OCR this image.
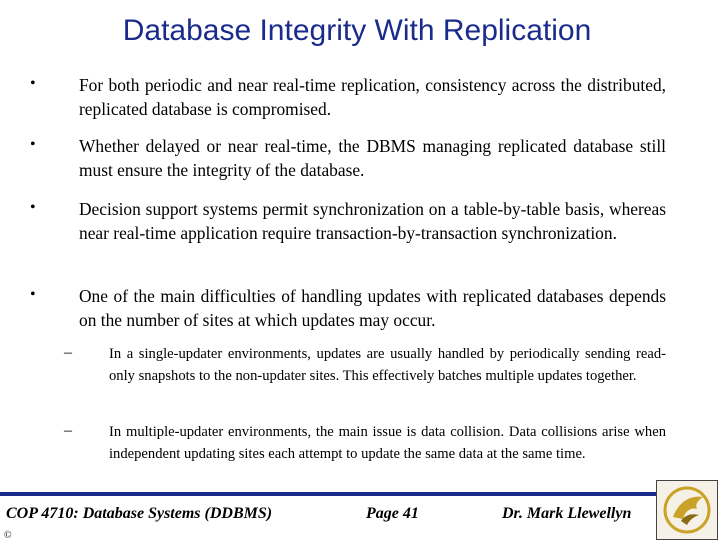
Database Integrity With Replication
• For both periodic and near real-time replication, consistency across the distributed, replicated database is compromised.
• Whether delayed or near real-time, the DBMS managing replicated database still must ensure the integrity of the database.
• Decision support systems permit synchronization on a table-by-table basis, whereas near real-time application require transaction-by-transaction synchronization.
• One of the main difficulties of handling updates with replicated databases depends on the number of sites at which updates may occur.
–	In a single-updater environments, updates are usually handled by periodically sending read-only snapshots to the non-updater sites. This effectively batches multiple updates together.
–	In multiple-updater environments, the main issue is data collision. Data collisions arise when independent updating sites each attempt to update the same data at the same time.
COP 4710: Database Systems (DDBMS)	Page 41	Dr. Mark Llewellyn
©
